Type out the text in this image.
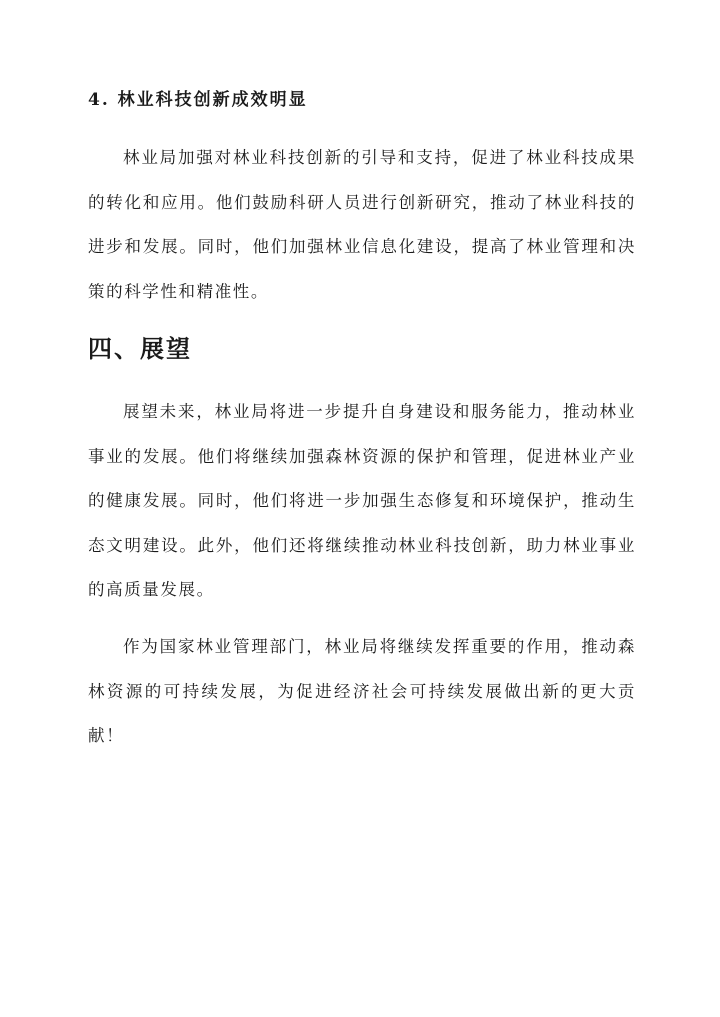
4. 林业科技创新成效明显

林业局加强对林业科技创新的引导和支持，促进了林业科技成果的转化和应用。他们鼓励科研人员进行创新研究，推动了林业科技的进步和发展。同时，他们加强林业信息化建设，提高了林业管理和决策的科学性和精准性。

四、展望

展望未来，林业局将进一步提升自身建设和服务能力，推动林业事业的发展。他们将继续加强森林资源的保护和管理，促进林业产业的健康发展。同时，他们将进一步加强生态修复和环境保护，推动生态文明建设。此外，他们还将继续推动林业科技创新，助力林业事业的高质量发展。

作为国家林业管理部门，林业局将继续发挥重要的作用，推动森林资源的可持续发展，为促进经济社会可持续发展做出新的更大贡献！
